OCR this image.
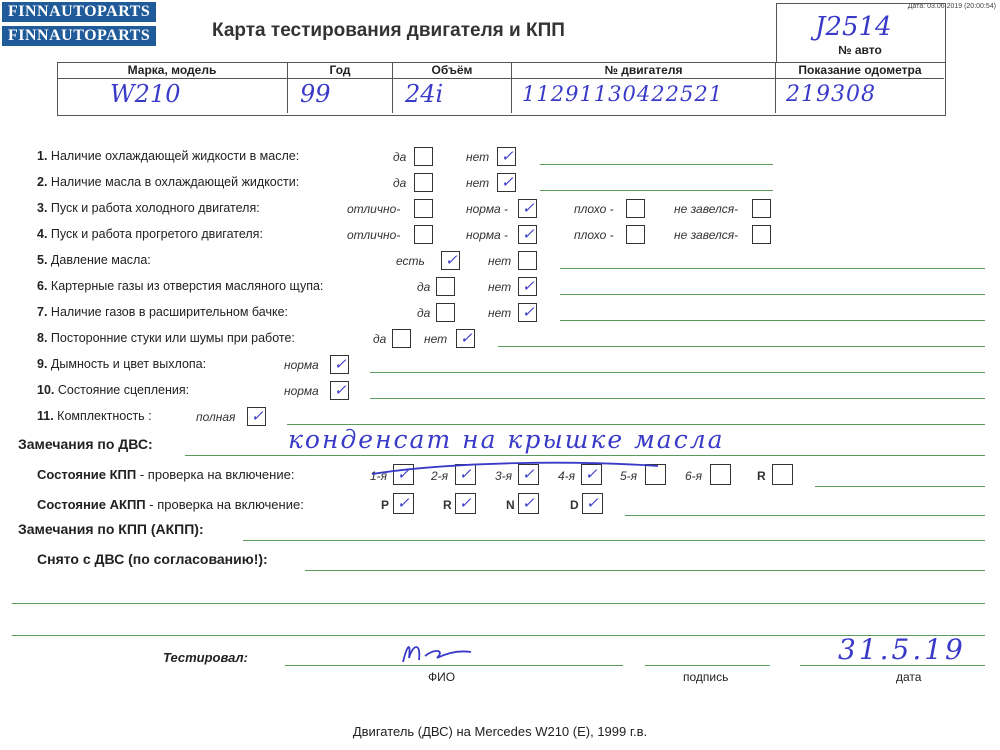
FINNAUTOPARTS
FINNAUTOPARTS	Карта тестирования двигателя и КПП
Дата: 03.06.2019 (20:00:54)
J2514
№ авто
Марка, модель	Год	Объём	№ двигателя	Показание одометра
W210	99	24i	11291130422521	219308
1. Наличие охлаждающей жидкости в масле:	да	нет ✓
2. Наличие масла в охлаждающей жидкости:	да	нет ✓
3. Пуск и работа холодного двигателя:	отлично-	норма - ✓	плохо -	не завелся-
4. Пуск и работа прогретого двигателя:	отлично-	норма - ✓	плохо -	не завелся-
5. Давление масла:	есть ✓	нет
6. Картерные газы из отверстия масляного щупа:	да	нет ✓
7. Наличие газов в расширительном бачке:	да	нет ✓
8. Посторонние стуки или шумы при работе:	да	нет ✓
9. Дымность и цвет выхлопа:	норма ✓
10. Состояние сцепления:	норма ✓
11. Комплектность :	полная ✓
Замечания по ДВС:	конденсат на крышке масла
Состояние КПП - проверка на включение:	1-я ✓ 2-я ✓ 3-я ✓ 4-я ✓ 5-я	6-я	R
Состояние АКПП - проверка на включение:	P ✓	R ✓	N ✓	D ✓
Замечания по КПП (АКПП):
Снято с ДВС (по согласованию!):
Тестировал:	31.5.19
ФИО	подпись	дата
Двигатель (ДВС) на Mercedes W210 (E), 1999 г.в.
